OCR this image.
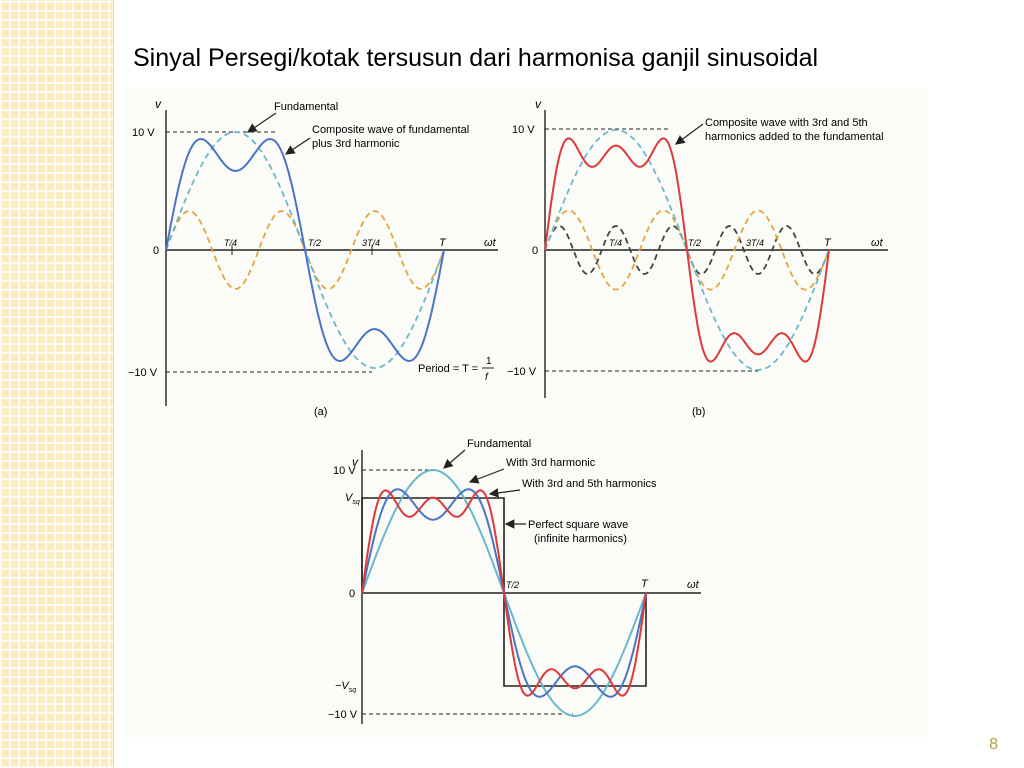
Sinyal Persegi/kotak tersusun dari harmonisa ganjil sinusoidal
v
10 V
0
−10 V
T/4	T/2	3T/4	T	ωt
Fundamental
Composite wave of fundamental
plus 3rd harmonic
Period = T =
1
f
(a)
v
10 V
0
−10 V
T/4	T/2	3T/4	T	ωt
Composite wave with 3rd and 5th
harmonics added to the fundamental
(b)
v
10 V
$V_{sq}$
0
$-V_{sq}$
−10 V
T/2	T	ωt
Fundamental
With 3rd harmonic
With 3rd and 5th harmonics
Perfect square wave
(infinite harmonics)
8
